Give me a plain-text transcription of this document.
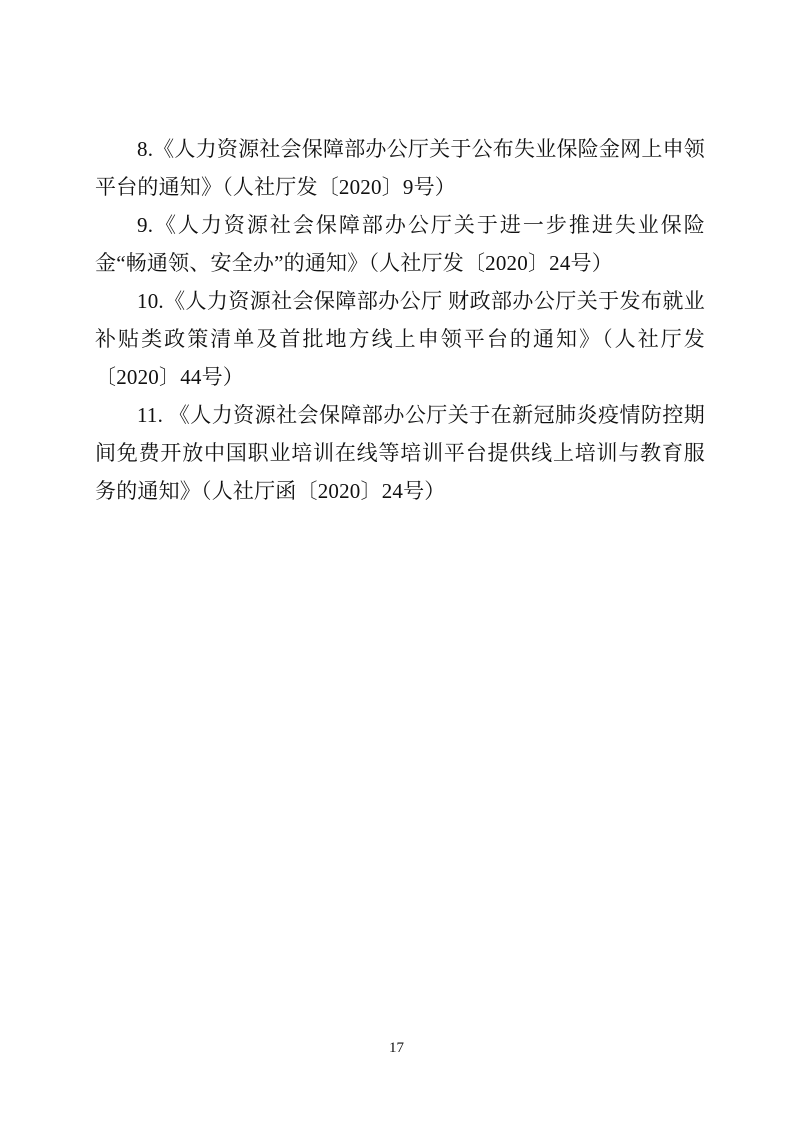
8.《人力资源社会保障部办公厅关于公布失业保险金网上申领平台的通知》（人社厅发〔2020〕9号）

9.《人力资源社会保障部办公厅关于进一步推进失业保险金“畅通领、安全办”的通知》（人社厅发〔2020〕24号）

10.《人力资源社会保障部办公厅 财政部办公厅关于发布就业补贴类政策清单及首批地方线上申领平台的通知》（人社厅发〔2020〕44号）

11. 《人力资源社会保障部办公厅关于在新冠肺炎疫情防控期间免费开放中国职业培训在线等培训平台提供线上培训与教育服务的通知》（人社厅函〔2020〕24号）

17
